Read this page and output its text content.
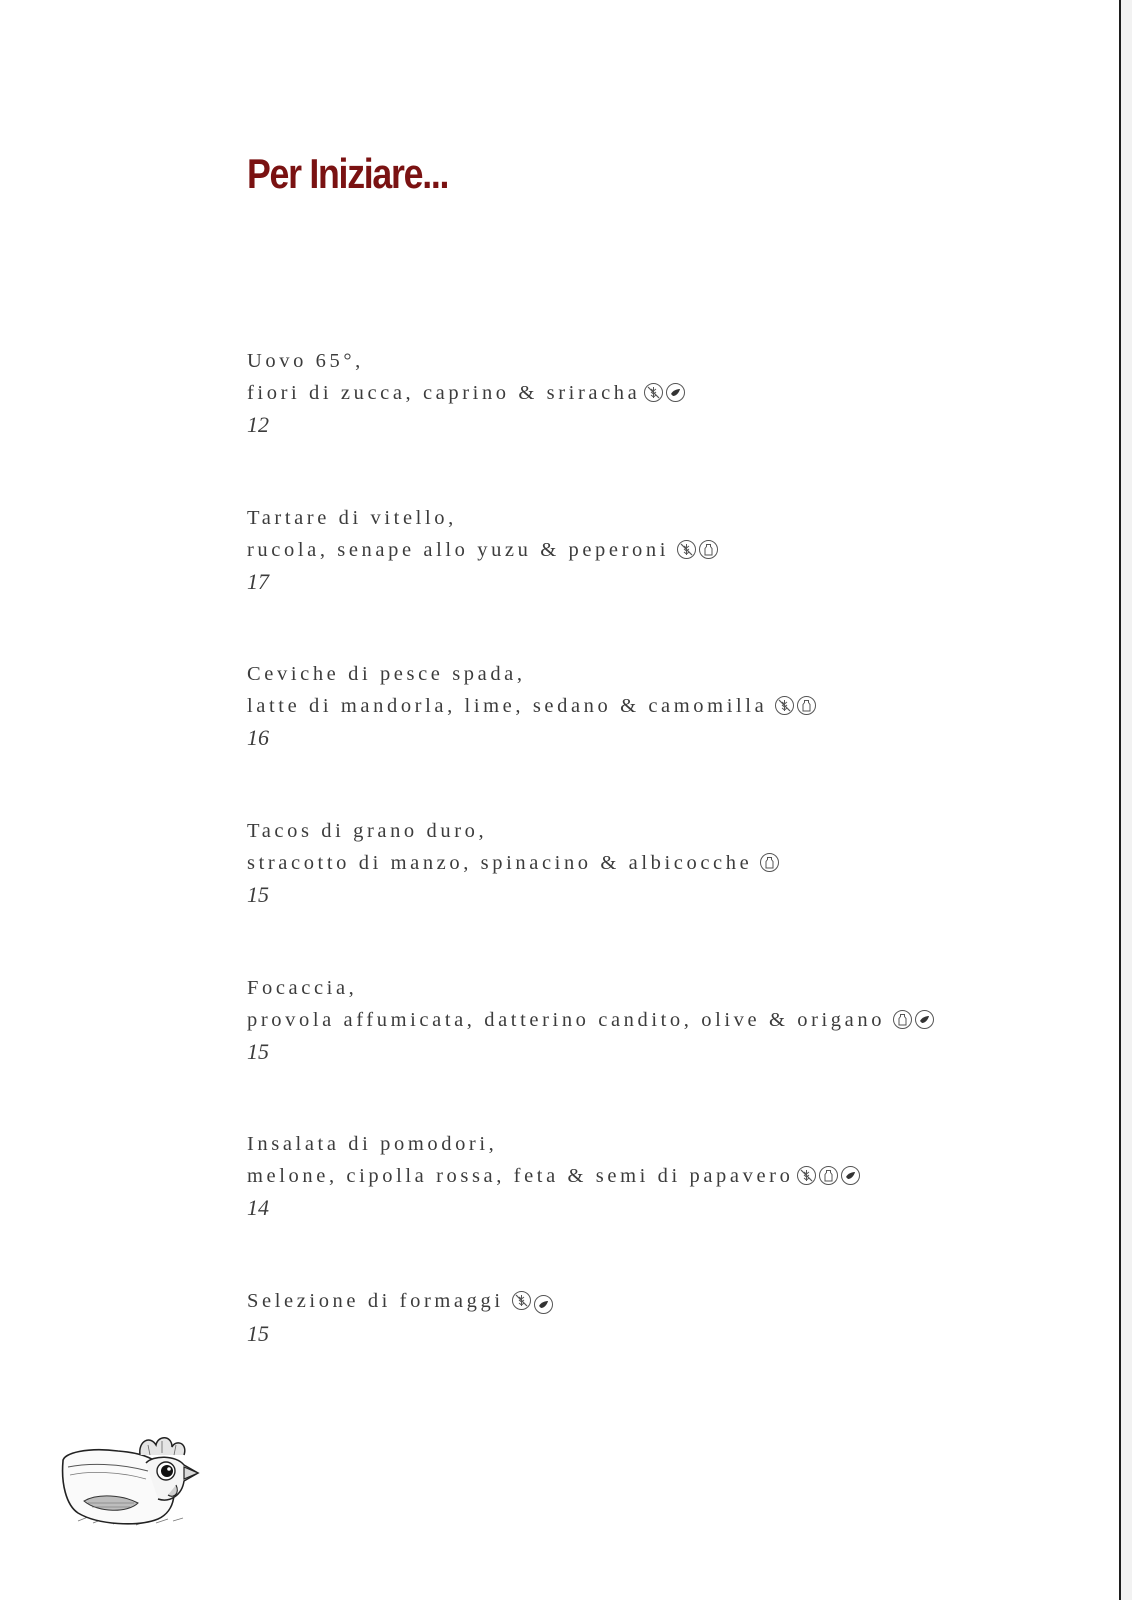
Per Iniziare...
Uovo 65°,
fiori di zucca, caprino & sriracha
12
Tartare di vitello,
rucola, senape allo yuzu & peperoni
17
Ceviche di pesce spada,
latte di mandorla, lime, sedano & camomilla
16
Tacos di grano duro,
stracotto di manzo, spinacino & albicocche
15
Focaccia,
provola affumicata, datterino candito, olive & origano
15
Insalata di pomodori,
melone, cipolla rossa, feta & semi di papavero
14
Selezione di formaggi
15
